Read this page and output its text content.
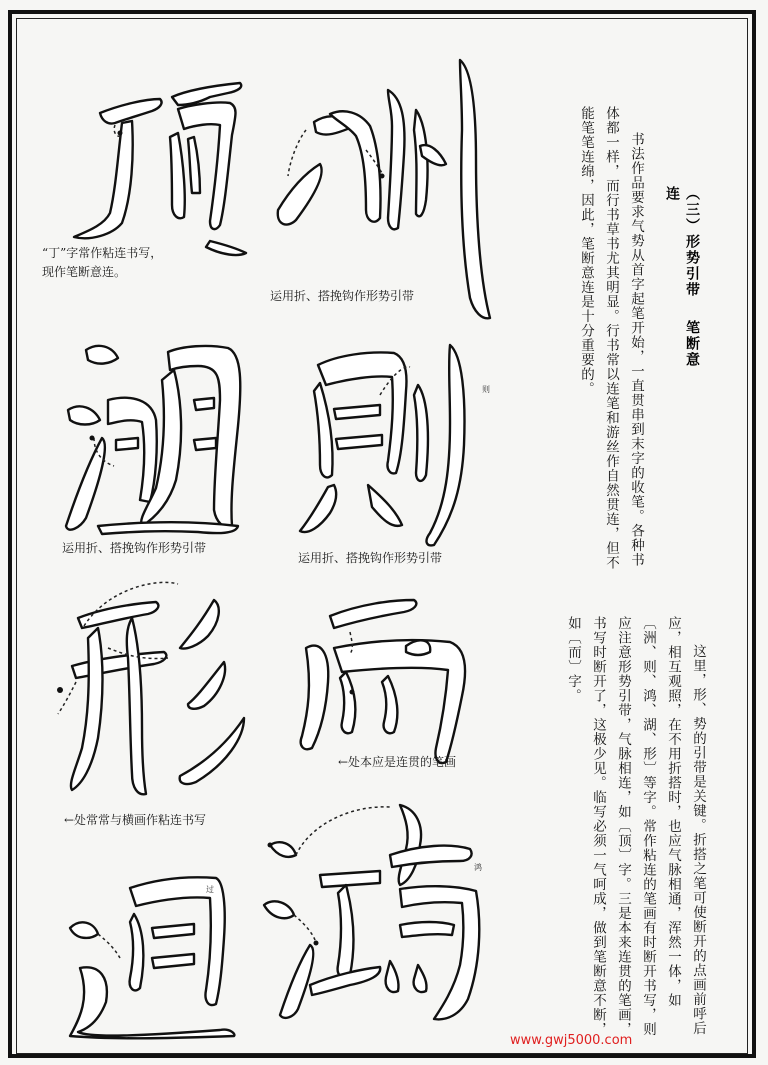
“丁”字常作粘连书写，现作笔断意连。
运用折、搭挽钩作形势引带
运用折、搭挽钩作形势引带
运用折、搭挽钩作形势引带
则
←处常常与横画作粘连书写
←处本应是连贯的笔画
过
鸿
（三）形势引带笔断意连
书法作品要求气势从首字起笔开始，一直贯串到末字的收笔。各种书体都一样，而行书草书尤其明显。行书常以连笔和游丝作自然贯连，但不能笔笔连绵，因此，笔断意连是十分重要的。
这里，形、势的引带是关键。折搭之笔可使断开的点画前呼后应，相互观照，在不用折搭时，也应气脉相通，浑然一体，如〔洲、则、鸿、湖、形〕等字。常作粘连的笔画有时断开书写，则应注意形势引带，气脉相连，如〔顶〕字。三是本来连贯的笔画，书写时断开了，这极少见。临写必须一气呵成，做到笔断意不断，如〔而〕字。
www.gwj5000.com
